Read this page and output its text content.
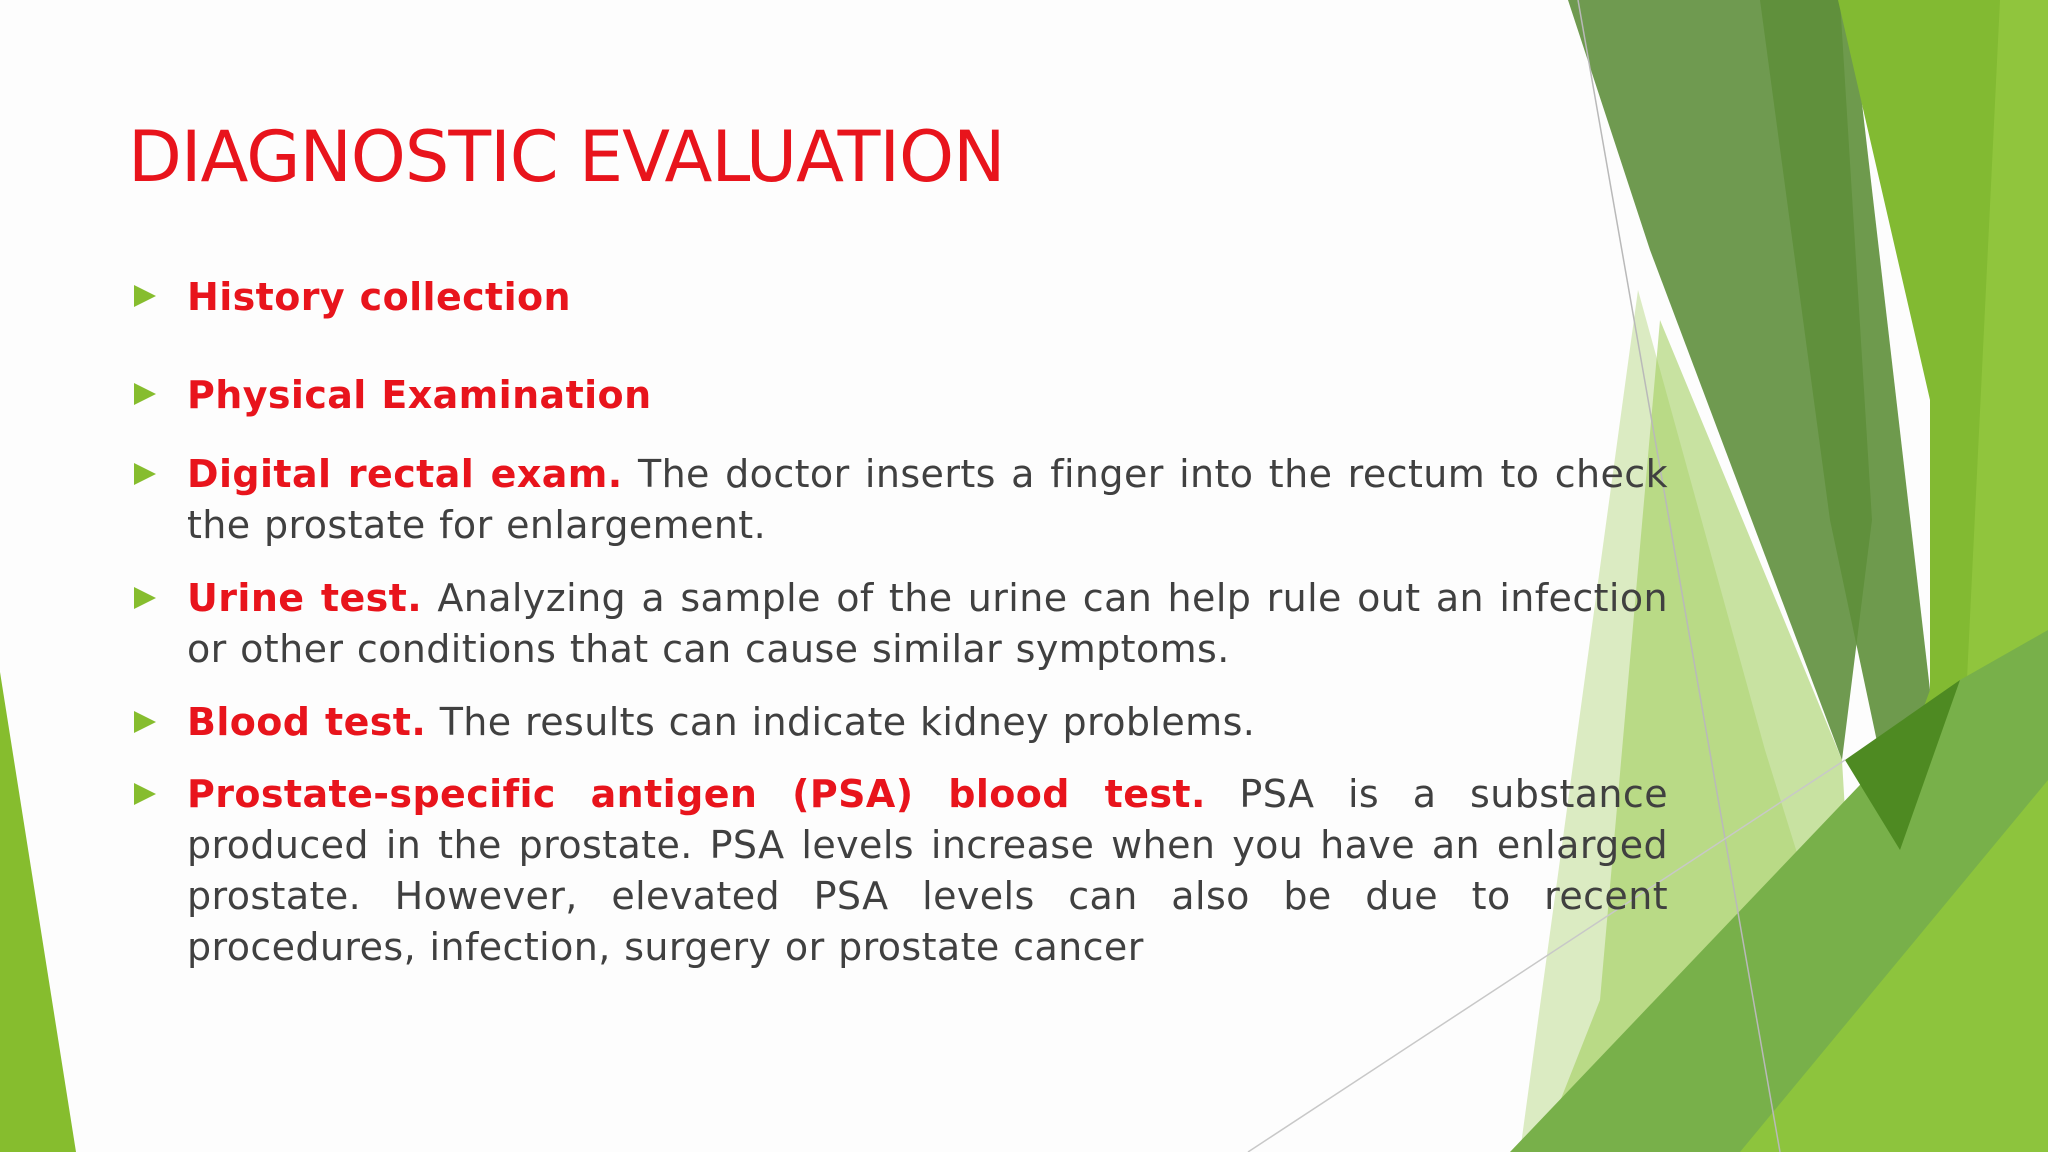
DIAGNOSTIC EVALUATION
History collection
Physical Examination
Digital rectal exam. The doctor inserts a finger into the rectum to check the prostate for enlargement.
Urine test. Analyzing a sample of the urine can help rule out an infection or other conditions that can cause similar symptoms.
Blood test. The results can indicate kidney problems.
Prostate-specific antigen (PSA) blood test. PSA is a substance produced in the prostate. PSA levels increase when you have an enlarged prostate. However, elevated PSA levels can also be due to recent procedures, infection, surgery or prostate cancer
